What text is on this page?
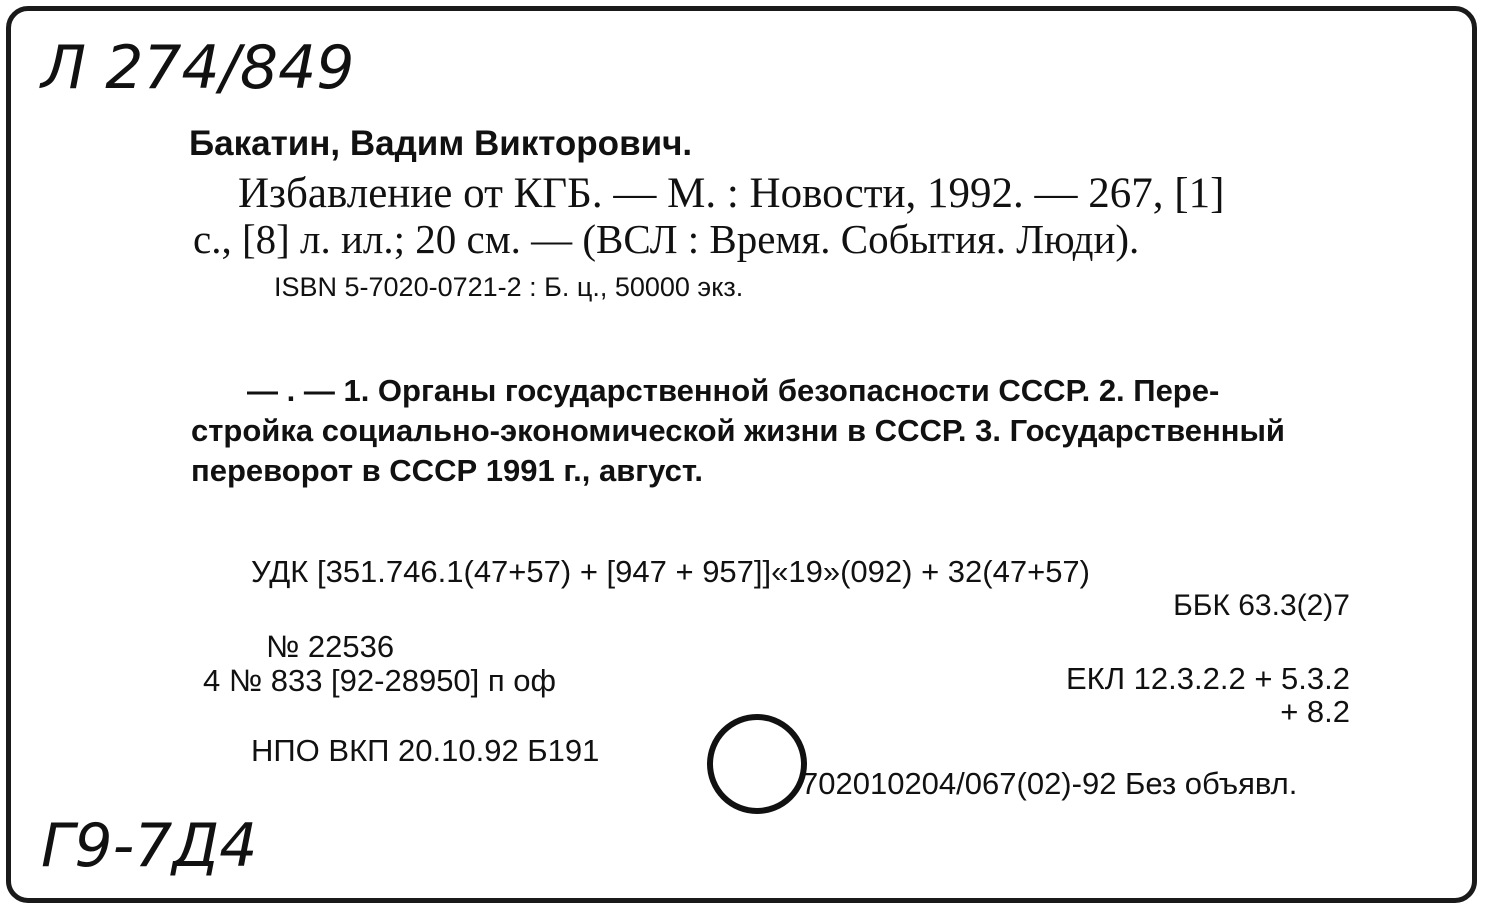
Л 274/849
Бакатин, Вадим Викторович.
Избавление от КГБ. — М. : Новости, 1992. — 267, [1]
с., [8] л. ил.; 20 см. — (ВСЛ : Время. События. Люди).
ISBN 5-7020-0721-2 : Б. ц., 50000 экз.
— . — 1. Органы государственной безопасности СССР. 2. Пере-
стройка социально-экономической жизни в СССР. 3. Государственный
переворот в СССР 1991 г., август.
УДК [351.746.1(47+57) + [947 + 957]]«19»(092) + 32(47+57)
ББК 63.3(2)7
№ 22536
4 № 833 [92-28950] п оф	ЕКЛ 12.3.2.2 + 5.3.2
+ 8.2
НПО ВКП 20.10.92 Б191
702010204/067(02)-92 Без объявл.
Г9-7Д4
